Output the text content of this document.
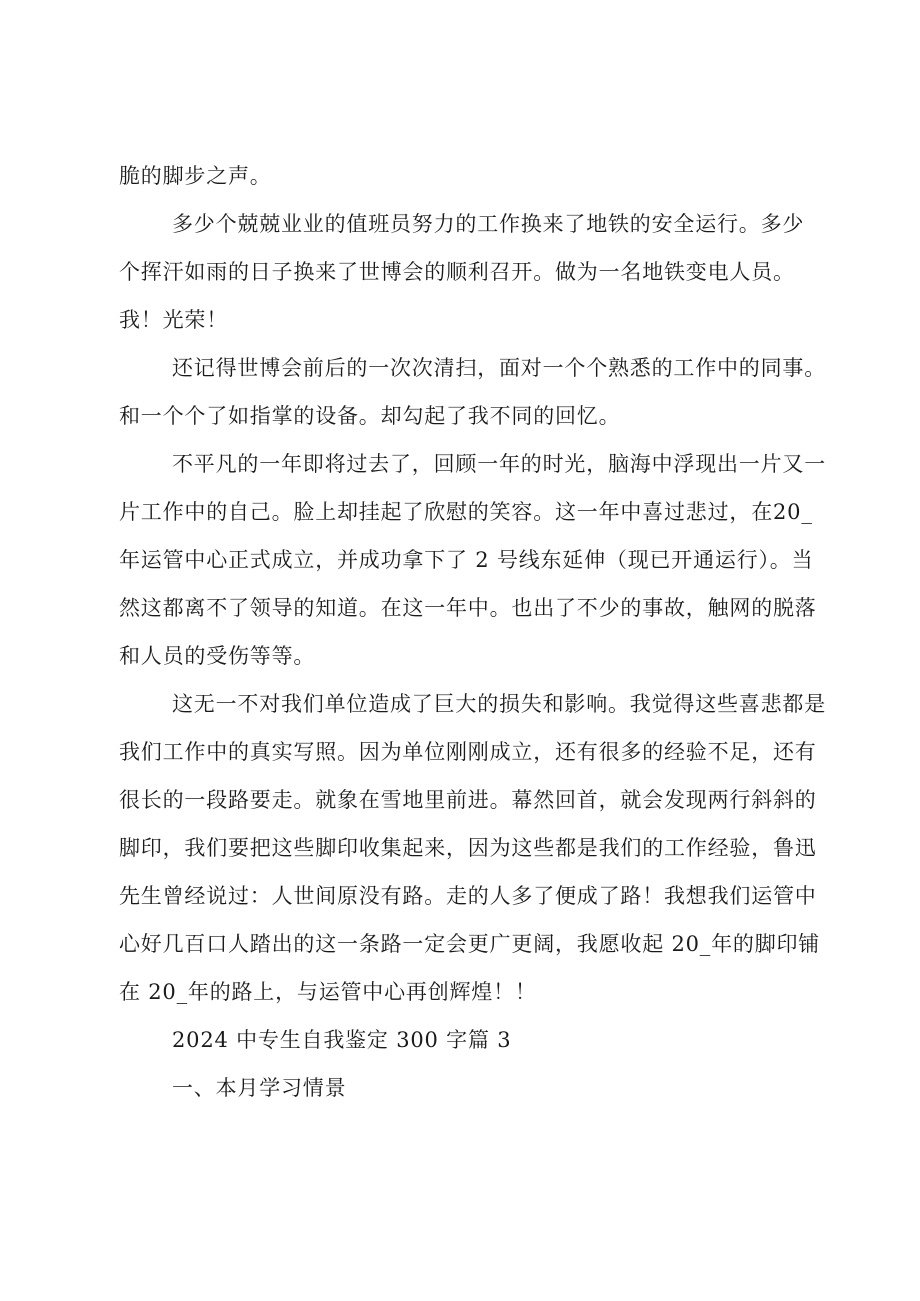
脆的脚步之声。
多少个兢兢业业的值班员努力的工作换来了地铁的安全运行。多少
个挥汗如雨的日子换来了世博会的顺利召开。做为一名地铁变电人员。
我！光荣！
还记得世博会前后的一次次清扫，面对一个个熟悉的工作中的同事。
和一个个了如指掌的设备。却勾起了我不同的回忆。
不平凡的一年即将过去了，回顾一年的时光，脑海中浮现出一片又一
片工作中的自己。脸上却挂起了欣慰的笑容。这一年中喜过悲过，在20_
年运管中心正式成立，并成功拿下了 2 号线东延伸（现已开通运行）。当
然这都离不了领导的知道。在这一年中。也出了不少的事故，触网的脱落
和人员的受伤等等。
这无一不对我们单位造成了巨大的损失和影响。我觉得这些喜悲都是
我们工作中的真实写照。因为单位刚刚成立，还有很多的经验不足，还有
很长的一段路要走。就象在雪地里前进。幕然回首，就会发现两行斜斜的
脚印，我们要把这些脚印收集起来，因为这些都是我们的工作经验，鲁迅
先生曾经说过：人世间原没有路。走的人多了便成了路！我想我们运管中
心好几百口人踏出的这一条路一定会更广更阔，我愿收起 20_年的脚印铺
在 20_年的路上，与运管中心再创辉煌！！
2024 中专生自我鉴定 300 字篇 3
一、本月学习情景
